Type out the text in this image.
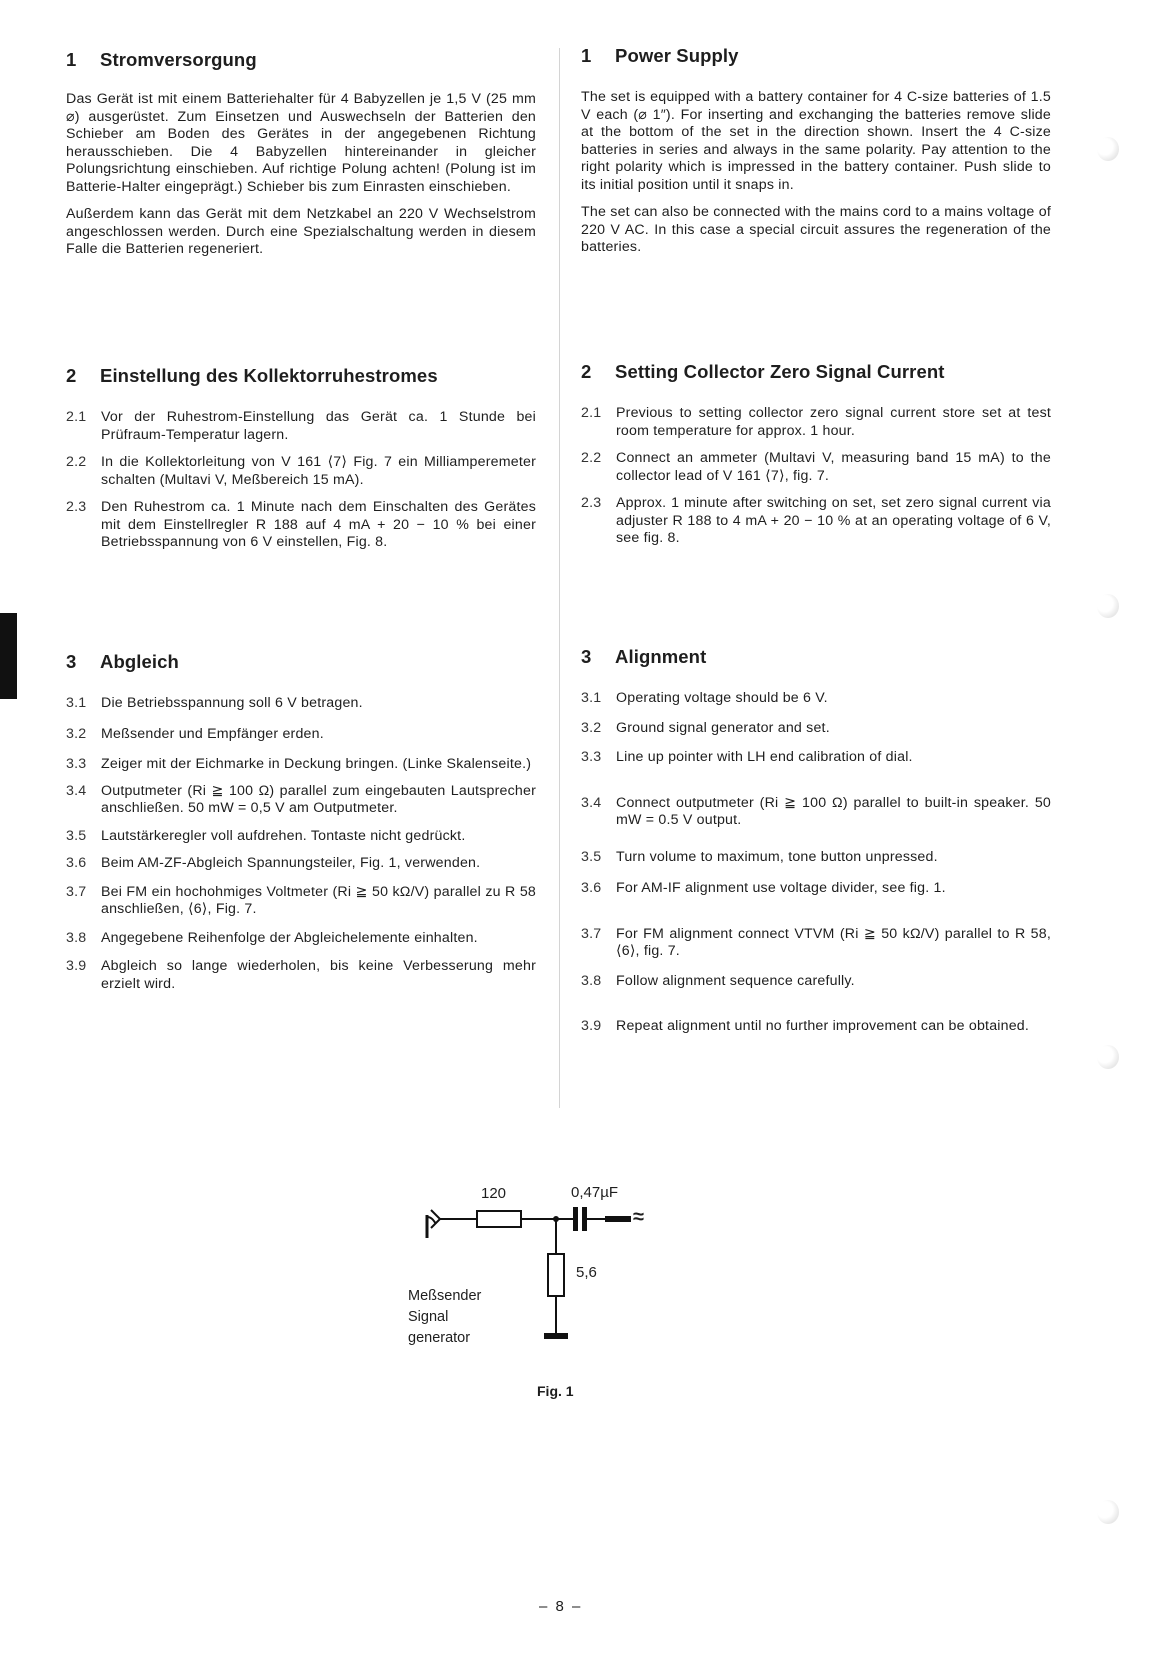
1	Stromversorgung

Das Gerät ist mit einem Batteriehalter für 4 Babyzellen je 1,5 V (25 mm ⌀) ausgerüstet. Zum Einsetzen und Auswechseln der Batterien den Schieber am Boden des Gerätes in der angegebenen Richtung herausschieben. Die 4 Babyzellen hintereinander in gleicher Polungsrichtung einschieben. Auf richtige Polung achten! (Polung ist im Batterie-Halter eingeprägt.) Schieber bis zum Einrasten einschieben.

Außerdem kann das Gerät mit dem Netzkabel an 220 V Wechselstrom angeschlossen werden. Durch eine Spezialschaltung werden in diesem Falle die Batterien regeneriert.

2	Einstellung des Kollektorruhestromes
2.1	Vor der Ruhestrom-Einstellung das Gerät ca. 1 Stunde bei Prüfraum-Temperatur lagern.
2.2	In die Kollektorleitung von V 161 ⟨7⟩ Fig. 7 ein Milliamperemeter schalten (Multavi V, Meßbereich 15 mA).
2.3	Den Ruhestrom ca. 1 Minute nach dem Einschalten des Gerätes mit dem Einstellregler R 188 auf 4 mA + 20 − 10 % bei einer Betriebsspannung von 6 V einstellen, Fig. 8.
3	Abgleich
3.1	Die Betriebsspannung soll 6 V betragen.
3.2	Meßsender und Empfänger erden.
3.3	Zeiger mit der Eichmarke in Deckung bringen. (Linke Skalenseite.)
3.4	Outputmeter (Ri ≧ 100 Ω) parallel zum eingebauten Lautsprecher anschließen. 50 mW = 0,5 V am Outputmeter.
3.5	Lautstärkeregler voll aufdrehen. Tontaste nicht gedrückt.
3.6	Beim AM-ZF-Abgleich Spannungsteiler, Fig. 1, verwenden.
3.7	Bei FM ein hochohmiges Voltmeter (Ri ≧ 50 kΩ/V) parallel zu R 58 anschließen, ⟨6⟩, Fig. 7.
3.8	Angegebene Reihenfolge der Abgleichelemente einhalten.
3.9	Abgleich so lange wiederholen, bis keine Verbesserung mehr erzielt wird.
1	Power Supply

The set is equipped with a battery container for 4 C-size batteries of 1.5 V each (⌀ 1″). For inserting and exchanging the batteries remove slide at the bottom of the set in the direction shown. Insert the 4 C-size batteries in series and always in the same polarity. Pay attention to the right polarity which is impressed in the battery container. Push slide to its initial position until it snaps in.

The set can also be connected with the mains cord to a mains voltage of 220 V AC. In this case a special circuit assures the regeneration of the batteries.

2	Setting Collector Zero Signal Current
2.1	Previous to setting collector zero signal current store set at test room temperature for approx. 1 hour.
2.2	Connect an ammeter (Multavi V, measuring band 15 mA) to the collector lead of V 161 ⟨7⟩, fig. 7.
2.3	Approx. 1 minute after switching on set, set zero signal current via adjuster R 188 to 4 mA + 20 − 10 % at an operating voltage of 6 V, see fig. 8.
3	Alignment
3.1	Operating voltage should be 6 V.
3.2	Ground signal generator and set.
3.3	Line up pointer with LH end calibration of dial.
3.4	Connect outputmeter (Ri ≧ 100 Ω) parallel to built-in speaker. 50 mW = 0.5 V output.
3.5	Turn volume to maximum, tone button unpressed.
3.6	For AM-IF alignment use voltage divider, see fig. 1.
3.7	For FM alignment connect VTVM (Ri ≧ 50 kΩ/V) parallel to R 58, ⟨6⟩, fig. 7.
3.8	Follow alignment sequence carefully.
3.9	Repeat alignment until no further improvement can be obtained.
120	0,47µF
≈
5,6
Meßsender
Signal
generator
Fig. 1
– 8 –
